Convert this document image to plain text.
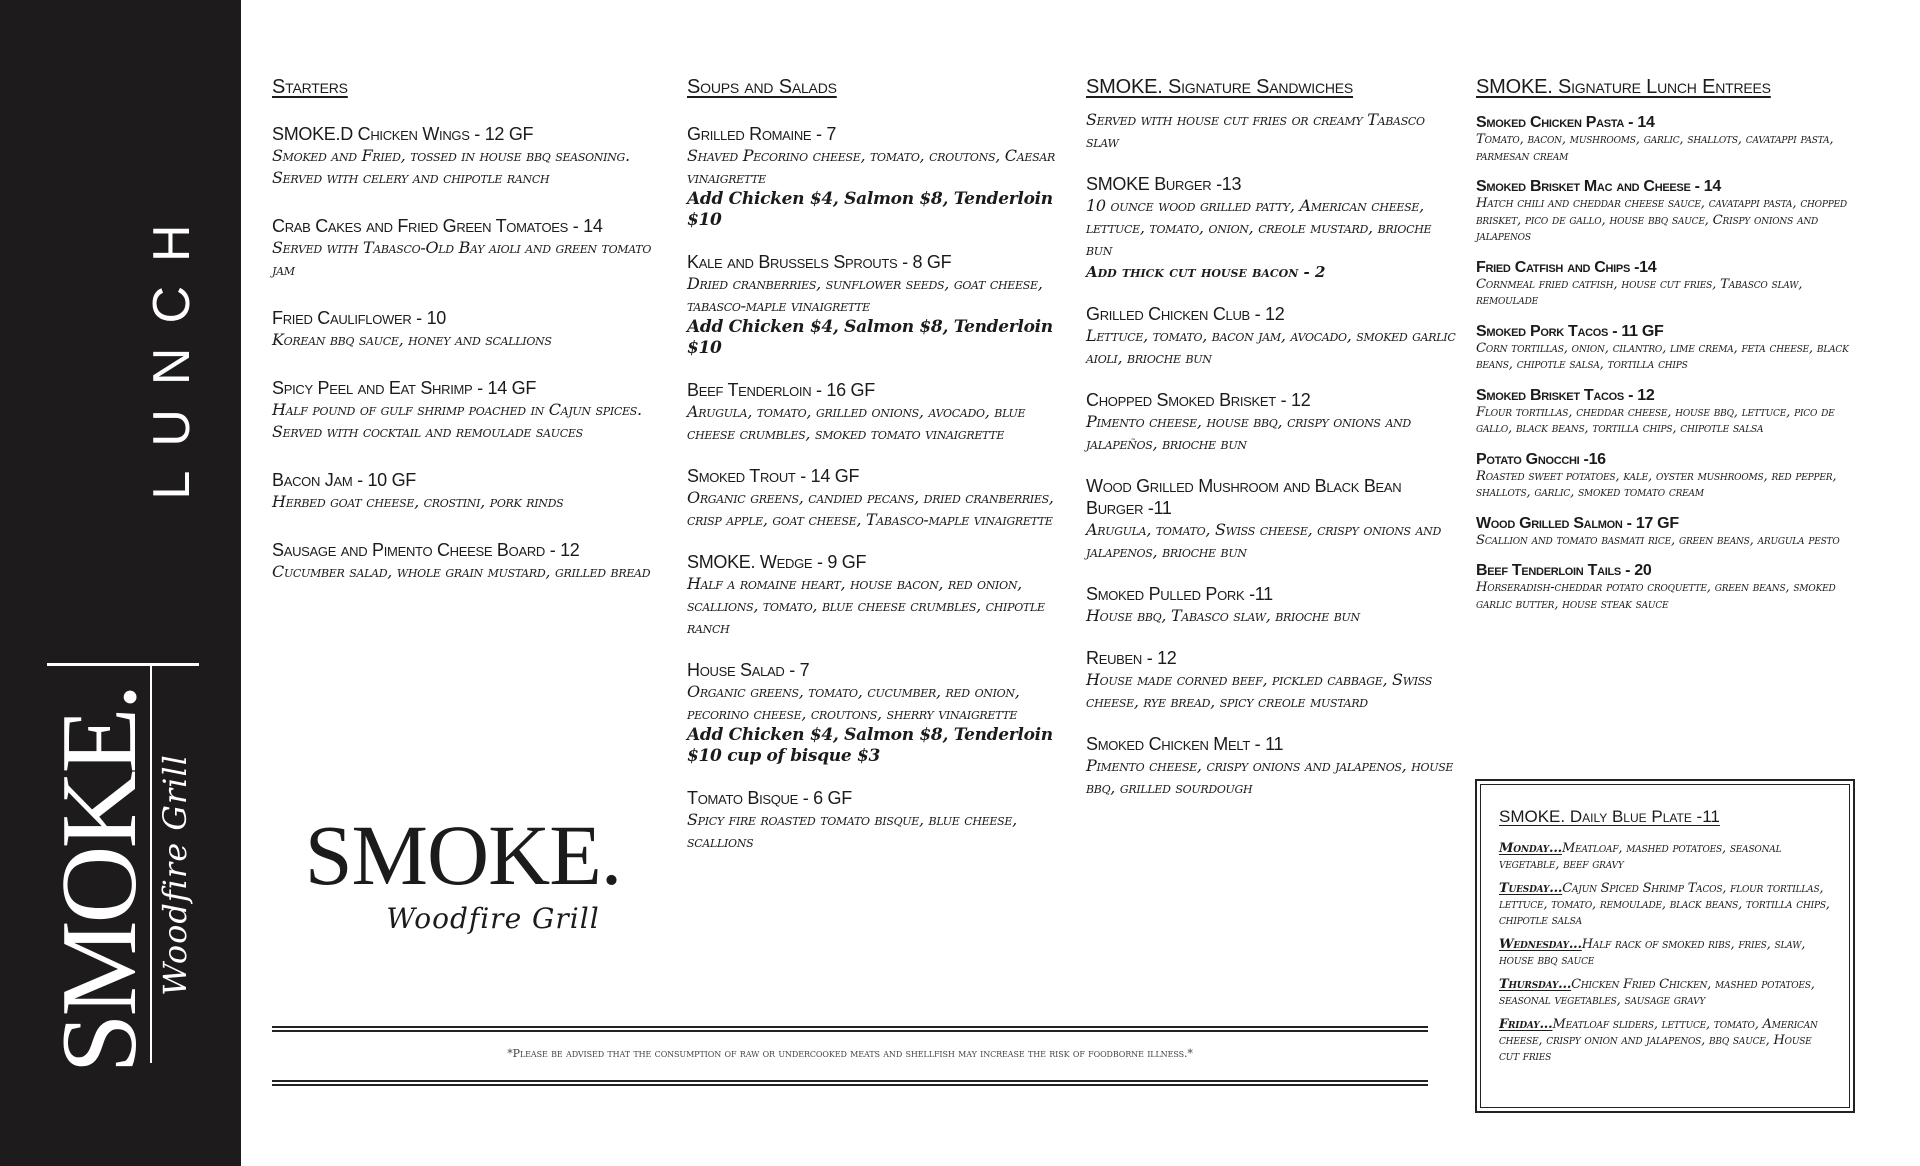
LUNCH
SMOKE.
Woodfire Grill
Starters
SMOKE.D Chicken Wings - 12 GF
Smoked and Fried, tossed in house bbq seasoning. Served with celery and chipotle ranch
Crab Cakes and Fried Green Tomatoes - 14
Served with Tabasco-Old Bay aioli and green tomato jam
Fried Cauliflower - 10
Korean bbq sauce, honey and scallions
Spicy Peel and Eat Shrimp - 14 GF
Half pound of gulf shrimp poached in Cajun spices. Served with cocktail and remoulade sauces
Bacon Jam - 10 GF
Herbed goat cheese, crostini, pork rinds
Sausage and Pimento Cheese Board - 12
Cucumber salad, whole grain mustard, grilled bread
SMOKE.
Woodfire Grill
Soups and Salads
Grilled Romaine - 7
Shaved Pecorino cheese, tomato, croutons, Caesar vinaigrette
Add Chicken $4, Salmon $8, Tenderloin $10
Kale and Brussels Sprouts - 8 GF
Dried cranberries, sunflower seeds, goat cheese, tabasco-maple vinaigrette
Add Chicken $4, Salmon $8, Tenderloin $10
Beef Tenderloin - 16 GF
Arugula, tomato, grilled onions, avocado, blue cheese crumbles, smoked tomato vinaigrette
Smoked Trout - 14 GF
Organic greens, candied pecans, dried cranberries, crisp apple, goat cheese, Tabasco-maple vinaigrette
SMOKE. Wedge - 9 GF
Half a romaine heart, house bacon, red onion, scallions, tomato, blue cheese crumbles, chipotle ranch
House Salad - 7
Organic greens, tomato, cucumber, red onion, pecorino cheese, croutons, sherry vinaigrette
Add Chicken $4, Salmon $8, Tenderloin $10 cup of bisque $3
Tomato Bisque - 6 GF
Spicy fire roasted tomato bisque, blue cheese, scallions
SMOKE. Signature Sandwiches
Served with house cut fries or creamy Tabasco slaw
SMOKE Burger -13
10 ounce wood grilled patty, American cheese, lettuce, tomato, onion, creole mustard, brioche bun
Add thick cut house bacon - 2
Grilled Chicken Club - 12
Lettuce, tomato, bacon jam, avocado, smoked garlic aioli, brioche bun
Chopped Smoked Brisket - 12
Pimento cheese, house bbq, crispy onions and jalapeños, brioche bun
Wood Grilled Mushroom and Black Bean Burger -11
Arugula, tomato, Swiss cheese, crispy onions and jalapenos, brioche bun
Smoked Pulled Pork -11
House bbq, Tabasco slaw, brioche bun
Reuben - 12
House made corned beef, pickled cabbage, Swiss cheese, rye bread, spicy creole mustard
Smoked Chicken Melt - 11
Pimento cheese, crispy onions and jalapenos, house bbq, grilled sourdough
SMOKE. Signature Lunch Entrees
Smoked Chicken Pasta - 14
Tomato, bacon, mushrooms, garlic, shallots, cavatappi pasta, parmesan cream
Smoked Brisket Mac and Cheese - 14
Hatch chili and cheddar cheese sauce, cavatappi pasta, chopped brisket, pico de gallo, house bbq sauce, Crispy onions and jalapenos
Fried Catfish and Chips -14
Cornmeal fried catfish, house cut fries, Tabasco slaw, remoulade
Smoked Pork Tacos - 11 GF
Corn tortillas, onion, cilantro, lime crema, feta cheese, black beans, chipotle salsa, tortilla chips
Smoked Brisket Tacos - 12
Flour tortillas, cheddar cheese, house bbq, lettuce, pico de gallo, black beans, tortilla chips, chipotle salsa
Potato Gnocchi -16
Roasted sweet potatoes, kale, oyster mushrooms, red pepper, shallots, garlic, smoked tomato cream
Wood Grilled Salmon - 17 GF
Scallion and tomato basmati rice, green beans, arugula pesto
Beef Tenderloin Tails - 20
Horseradish-cheddar potato croquette, green beans, smoked garlic butter, house steak sauce
SMOKE. Daily Blue Plate -11
Monday...Meatloaf, mashed potatoes, seasonal vegetable, beef gravy
Tuesday...Cajun Spiced Shrimp Tacos, flour tortillas, lettuce, tomato, remoulade, black beans, tortilla chips, chipotle salsa
Wednesday...Half rack of smoked ribs, fries, slaw, house bbq sauce
Thursday...Chicken Fried Chicken, mashed potatoes, seasonal vegetables, sausage gravy
Friday...Meatloaf sliders, lettuce, tomato, American cheese, crispy onion and jalapenos, bbq sauce, House cut fries
*Please be advised that the consumption of raw or undercooked meats and shellfish may increase the risk of foodborne illness.*
